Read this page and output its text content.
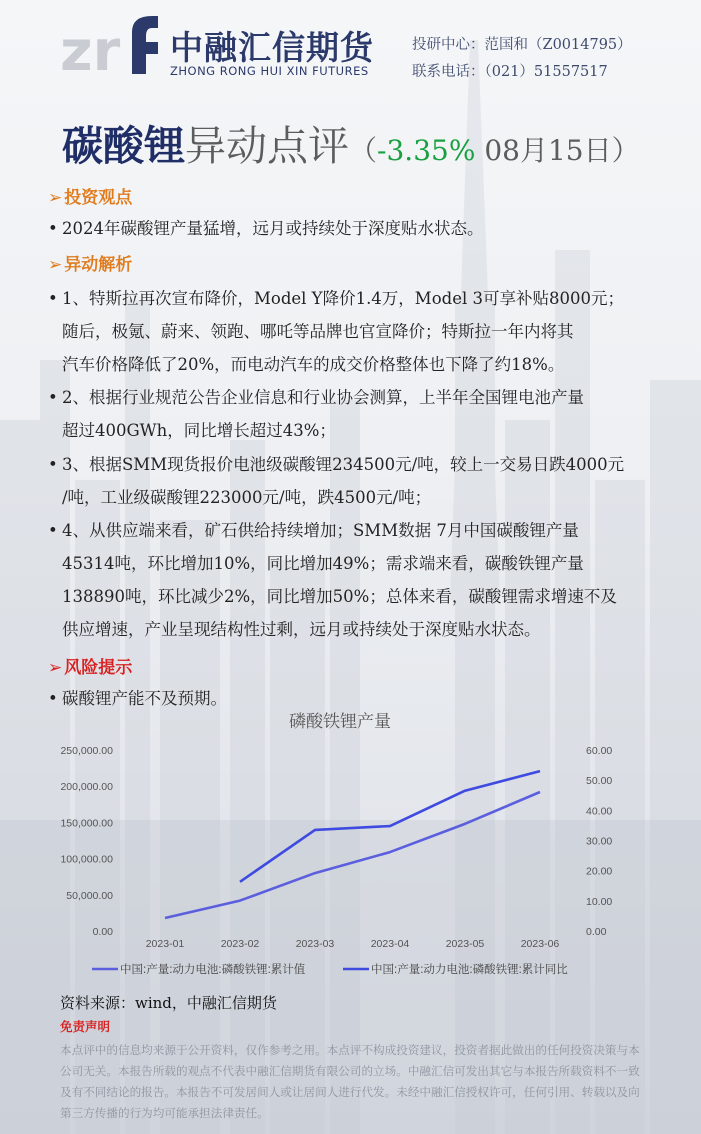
zr 中融汇信期货
ZHONG RONG HUI XIN FUTURES
投研中心：范国和（Z0014795）
联系电话：（021）51557517
碳酸锂异动点评（-3.35% 08月15日）
➢ 投资观点
• 2024年碳酸锂产量猛增，远月或持续处于深度贴水状态。
➢ 异动解析
• 1、特斯拉再次宣布降价，Model Y降价1.4万，Model 3可享补贴8000元；
随后，极氪、蔚来、领跑、哪吒等品牌也官宣降价；特斯拉一年内将其
汽车价格降低了20%，而电动汽车的成交价格整体也下降了约18%。
• 2、根据行业规范公告企业信息和行业协会测算，上半年全国锂电池产量
超过400GWh，同比增长超过43%；
• 3、根据SMM现货报价电池级碳酸锂234500元/吨，较上一交易日跌4000元
/吨，工业级碳酸锂223000元/吨，跌4500元/吨；
• 4、从供应端来看，矿石供给持续增加；SMM数据 7月中国碳酸锂产量
45314吨，环比增加10%，同比增加49%；需求端来看，碳酸铁锂产量
138890吨，环比减少2%，同比增加50%；总体来看，碳酸锂需求增速不及
供应增速，产业呈现结构性过剩，远月或持续处于深度贴水状态。
➢ 风险提示
• 碳酸锂产能不及预期。
磷酸铁锂产量
250,000.00
200,000.00
150,000.00
100,000.00
50,000.00
0.00
60.00
50.00
40.00
30.00
20.00
10.00
0.00
2023-01	2023-02	2023-03	2023-04	2023-05	2023-06
中国:产量:动力电池:磷酸铁锂:累计值	中国:产量:动力电池:磷酸铁锂:累计同比
资料来源：wind，中融汇信期货
免责声明
本点评中的信息均来源于公开资料，仅作参考之用。本点评不构成投资建议，投资者据此做出的任何投资决策与本公司无关。本报告所载的观点不代表中融汇信期货有限公司的立场。中融汇信可发出其它与本报告所载资料不一致及有不同结论的报告。本报告不可发居间人或让居间人进行代发。未经中融汇信授权许可，任何引用、转载以及向第三方传播的行为均可能承担法律责任。
